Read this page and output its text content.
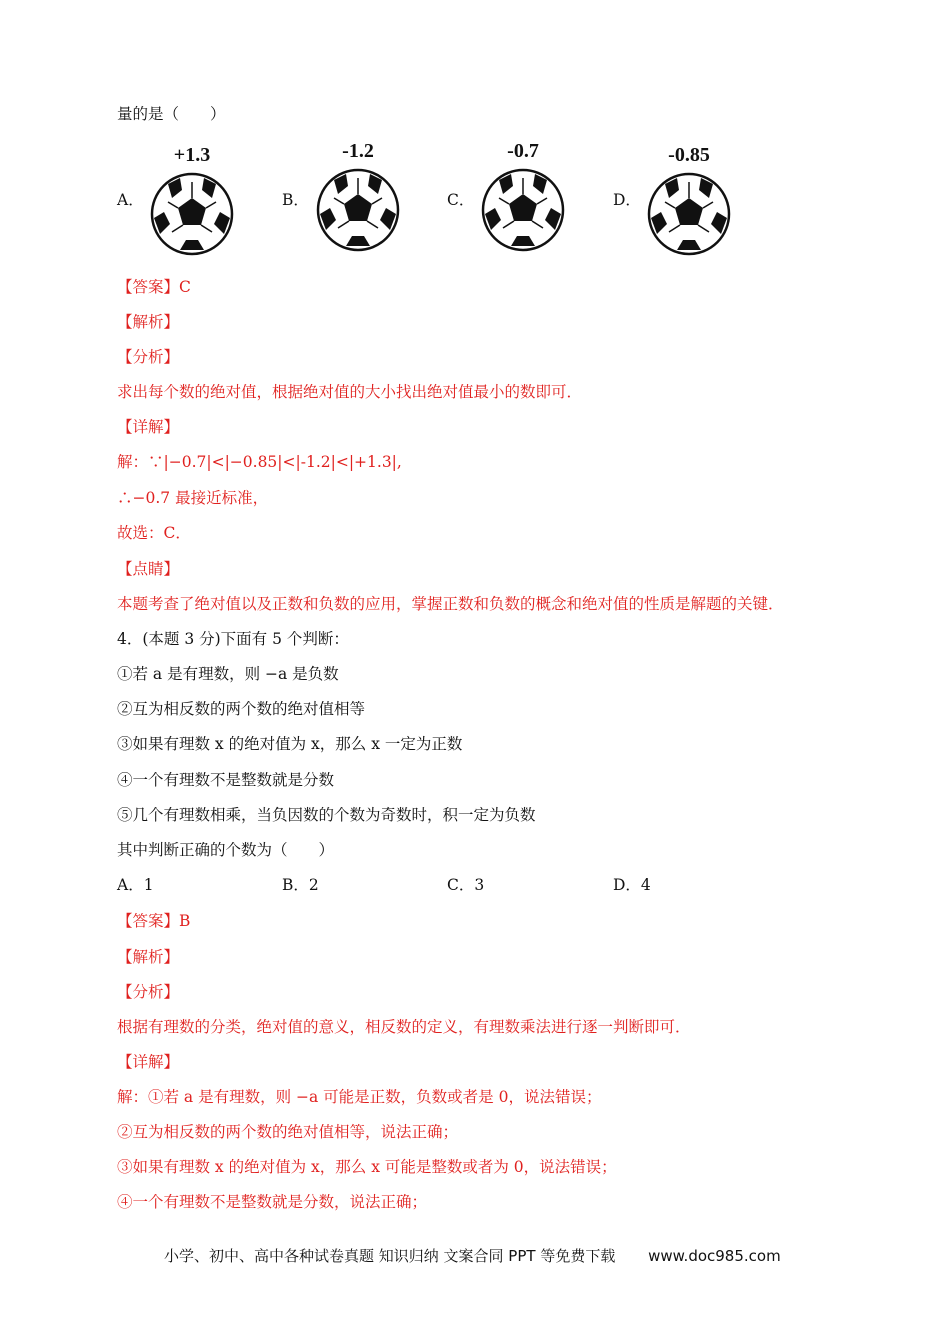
量的是（　　）
A．
+1.3
B．
-1.2
C．
-0.7
D．
-0.85
【答案】C
【解析】
【分析】
求出每个数的绝对值，根据绝对值的大小找出绝对值最小的数即可．
【详解】
解：∵|−0.7|<|−0.85|<|-1.2|<|+1.3|,
∴−0.7 最接近标准，
故选：C．
【点睛】
本题考查了绝对值以及正数和负数的应用，掌握正数和负数的概念和绝对值的性质是解题的关键．
4．(本题 3 分)下面有 5 个判断：
①若 a 是有理数，则 −a 是负数
②互为相反数的两个数的绝对值相等
③如果有理数 x 的绝对值为 x，那么 x 一定为正数
④一个有理数不是整数就是分数
⑤几个有理数相乘，当负因数的个数为奇数时，积一定为负数
其中判断正确的个数为（　　）
A．1	B．2	C．3	D．4
【答案】B
【解析】
【分析】
根据有理数的分类，绝对值的意义，相反数的定义，有理数乘法进行逐一判断即可．
【详解】
解：①若 a 是有理数，则 −a 可能是正数，负数或者是 0，说法错误；
②互为相反数的两个数的绝对值相等，说法正确；
③如果有理数 x 的绝对值为 x，那么 x 可能是整数或者为 0，说法错误；
④一个有理数不是整数就是分数，说法正确；
小学、初中、高中各种试卷真题 知识归纳 文案合同 PPT 等免费下载 www.doc985.com
